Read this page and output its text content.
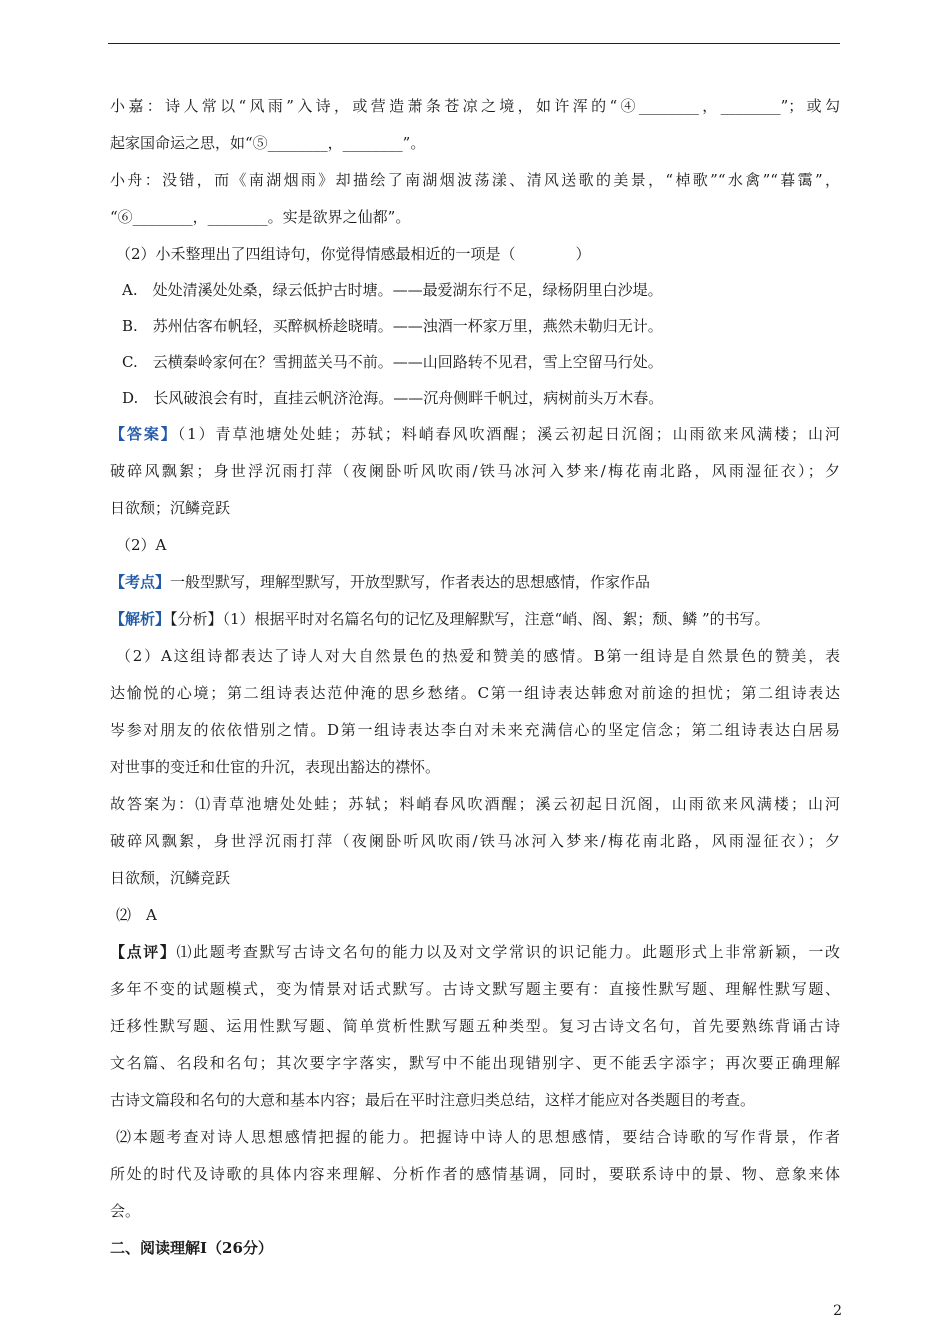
小嘉：诗人常以“风雨”入诗，或营造萧条苍凉之境，如许浑的“④________，________”；或勾
起家国命运之思，如“⑤________，________”。
小舟：没错，而《南湖烟雨》却描绘了南湖烟波荡漾、清风送歌的美景，“棹歌”“水禽”“暮霭”，
“⑥________，________。实是欲界之仙都”。
（2）小禾整理出了四组诗句，你觉得情感最相近的一项是（　　　　）
A.　处处清溪处处桑，绿云低护古时塘。——最爱湖东行不足，绿杨阴里白沙堤。
B.　苏州估客布帆轻，买醉枫桥趁晓晴。——浊酒一杯家万里，燕然未勒归无计。
C.　云横秦岭家何在？雪拥蓝关马不前。——山回路转不见君，雪上空留马行处。
D.　长风破浪会有时，直挂云帆济沧海。——沉舟侧畔千帆过，病树前头万木春。
【答案】（1）青草池塘处处蛙；苏轼；料峭春风吹酒醒；溪云初起日沉阁；山雨欲来风满楼；山河
破碎风飘絮；身世浮沉雨打萍（夜阑卧听风吹雨/铁马冰河入梦来/梅花南北路，风雨湿征衣）；夕
日欲颓；沉鳞竞跃
（2）A
【考点】一般型默写，理解型默写，开放型默写，作者表达的思想感情，作家作品
【解析】【分析】（1）根据平时对名篇名句的记忆及理解默写，注意“峭、阁、絮；颓、鳞 ”的书写。
（2）A这组诗都表达了诗人对大自然景色的热爱和赞美的感情。B第一组诗是自然景色的赞美，表
达愉悦的心境；第二组诗表达范仲淹的思乡愁绪。C第一组诗表达韩愈对前途的担忧；第二组诗表达
岑参对朋友的依依惜别之情。D第一组诗表达李白对未来充满信心的坚定信念；第二组诗表达白居易
对世事的变迁和仕宦的升沉，表现出豁达的襟怀。
故答案为：⑴青草池塘处处蛙；苏轼；料峭春风吹酒醒；溪云初起日沉阁，山雨欲来风满楼；山河
破碎风飘絮，身世浮沉雨打萍（夜阑卧听风吹雨/铁马冰河入梦来/梅花南北路，风雨湿征衣）；夕
日欲颓，沉鳞竞跃
⑵　A
【点评】⑴此题考查默写古诗文名句的能力以及对文学常识的识记能力。此题形式上非常新颖，一改
多年不变的试题模式，变为情景对话式默写。古诗文默写题主要有：直接性默写题、理解性默写题、
迁移性默写题、运用性默写题、简单赏析性默写题五种类型。复习古诗文名句，首先要熟练背诵古诗
文名篇、名段和名句；其次要字字落实，默写中不能出现错别字、更不能丢字添字；再次要正确理解
古诗文篇段和名句的大意和基本内容；最后在平时注意归类总结，这样才能应对各类题目的考查。
⑵本题考查对诗人思想感情把握的能力。把握诗中诗人的思想感情，要结合诗歌的写作背景，作者
所处的时代及诗歌的具体内容来理解、分析作者的感情基调，同时，要联系诗中的景、物、意象来体
会。
二、阅读理解Ⅰ（26分）
2
